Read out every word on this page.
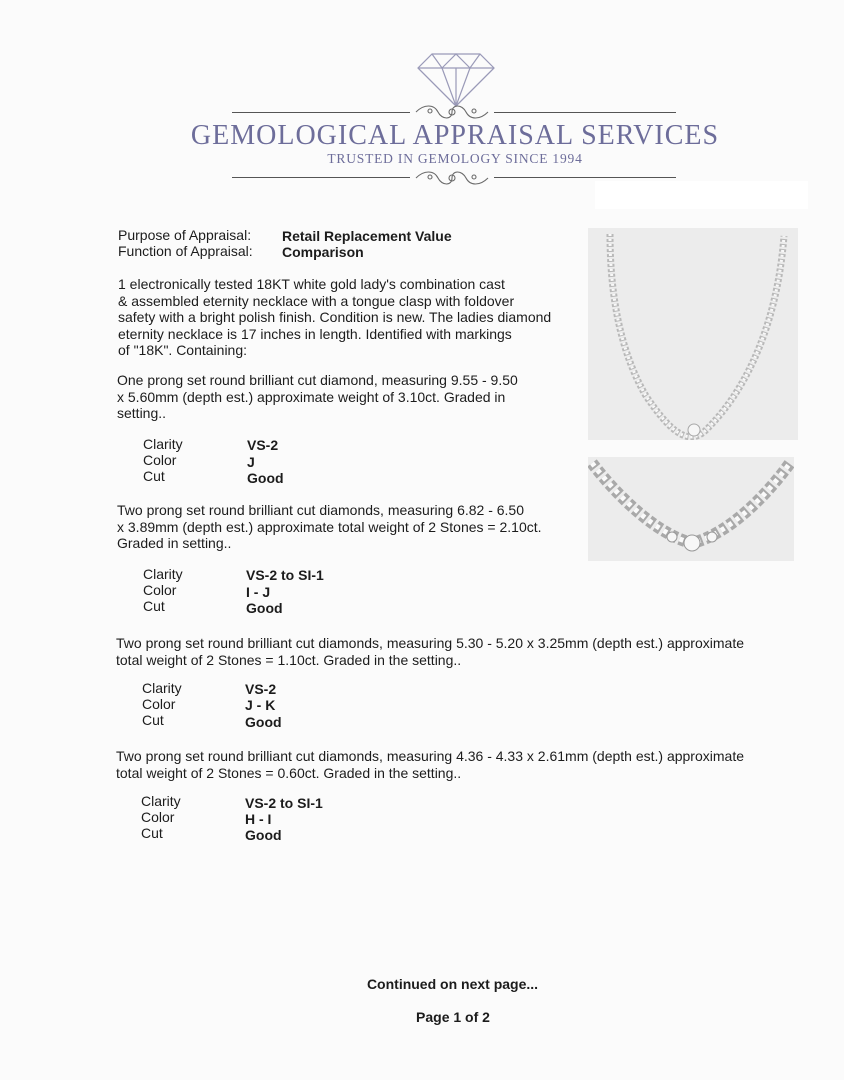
GEMOLOGICAL APPRAISAL SERVICES
TRUSTED IN GEMOLOGY SINCE 1994
Purpose of Appraisal: Retail Replacement Value
Function of Appraisal: Comparison
1 electronically tested 18KT white gold lady's combination cast
& assembled eternity necklace with a tongue clasp with foldover
safety with a bright polish finish. Condition is new. The ladies diamond
eternity necklace is 17 inches in length. Identified with markings
of "18K". Containing:
One prong set round brilliant cut diamond, measuring 9.55 - 9.50
x 5.60mm (depth est.) approximate weight of 3.10ct. Graded in
setting..
Clarity	VS-2
Color	J
Cut	Good
Two prong set round brilliant cut diamonds, measuring 6.82 - 6.50
x 3.89mm (depth est.) approximate total weight of 2 Stones = 2.10ct.
Graded in setting..
Clarity	VS-2 to SI-1
Color	I - J
Cut	Good
Two prong set round brilliant cut diamonds, measuring 5.30 - 5.20 x 3.25mm (depth est.) approximate
total weight of 2 Stones = 1.10ct. Graded in the setting..
Clarity	VS-2
Color	J - K
Cut	Good
Two prong set round brilliant cut diamonds, measuring 4.36 - 4.33 x 2.61mm (depth est.) approximate
total weight of 2 Stones = 0.60ct. Graded in the setting..
Clarity	VS-2 to SI-1
Color	H - I
Cut	Good
Continued on next page...
Page 1 of 2
